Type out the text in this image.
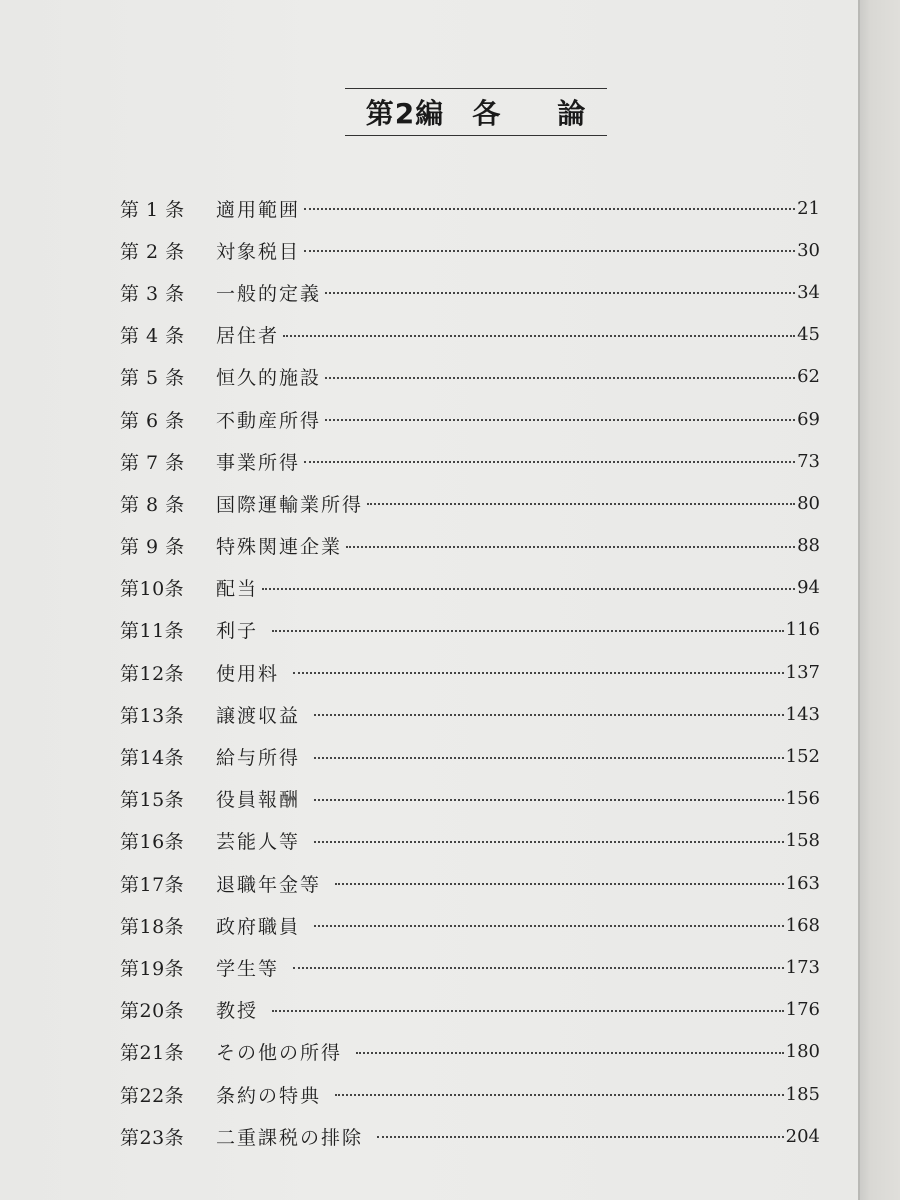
第2編 各 論
第 1 条	適用範囲	21
第 2 条	対象税目	30
第 3 条	一般的定義	34
第 4 条	居住者	45
第 5 条	恒久的施設	62
第 6 条	不動産所得	69
第 7 条	事業所得	73
第 8 条	国際運輸業所得	80
第 9 条	特殊関連企業	88
第10条	配当	94
第11条	利子	116
第12条	使用料	137
第13条	譲渡収益	143
第14条	給与所得	152
第15条	役員報酬	156
第16条	芸能人等	158
第17条	退職年金等	163
第18条	政府職員	168
第19条	学生等	173
第20条	教授	176
第21条	その他の所得	180
第22条	条約の特典	185
第23条	二重課税の排除	204
